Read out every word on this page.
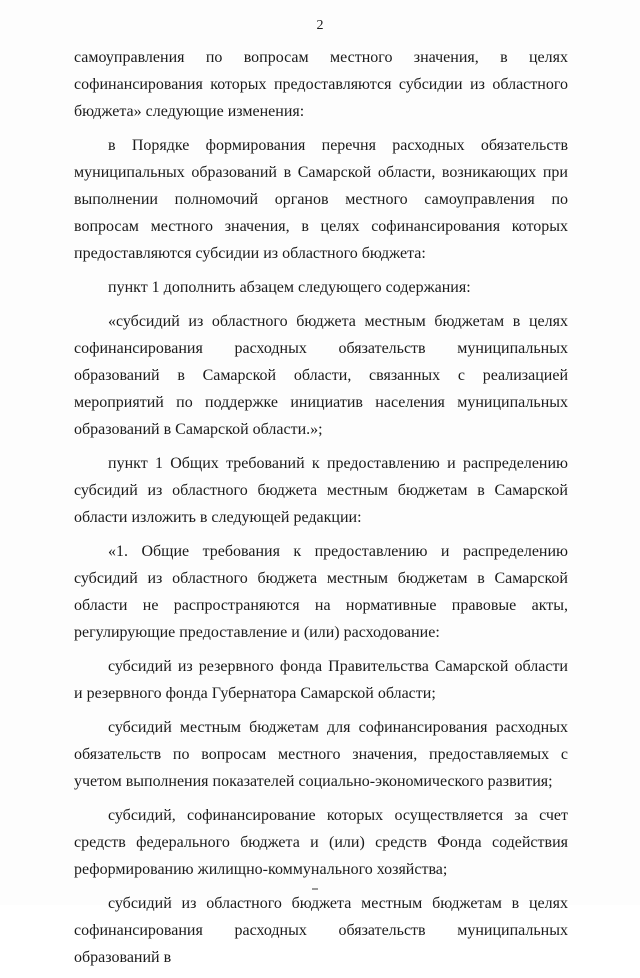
2

самоуправления по вопросам местного значения, в целях софинансирования которых предоставляются субсидии из областного бюджета» следующие изменения:

в Порядке формирования перечня расходных обязательств муниципальных образований в Самарской области, возникающих при выполнении полномочий органов местного самоуправления по вопросам местного значения, в целях софинансирования которых предоставляются субсидии из областного бюджета:

пункт 1 дополнить абзацем следующего содержания:

«субсидий из областного бюджета местным бюджетам в целях софинансирования расходных обязательств муниципальных образований в Самарской области, связанных с реализацией мероприятий по поддержке инициатив населения муниципальных образований в Самарской области.»;

пункт 1 Общих требований к предоставлению и распределению субсидий из областного бюджета местным бюджетам в Самарской области изложить в следующей редакции:

«1. Общие требования к предоставлению и распределению субсидий из областного бюджета местным бюджетам в Самарской области не распространяются на нормативные правовые акты, регулирующие предоставление и (или) расходование:

субсидий из резервного фонда Правительства Самарской области и резервного фонда Губернатора Самарской области;

субсидий местным бюджетам для софинансирования расходных обязательств по вопросам местного значения, предоставляемых с учетом выполнения показателей социально-экономического развития;

субсидий, софинансирование которых осуществляется за счет средств федерального бюджета и (или) средств Фонда содействия реформированию жилищно-коммунального хозяйства;

субсидий из областного бюджета местным бюджетам в целях софинансирования расходных обязательств муниципальных образований в
